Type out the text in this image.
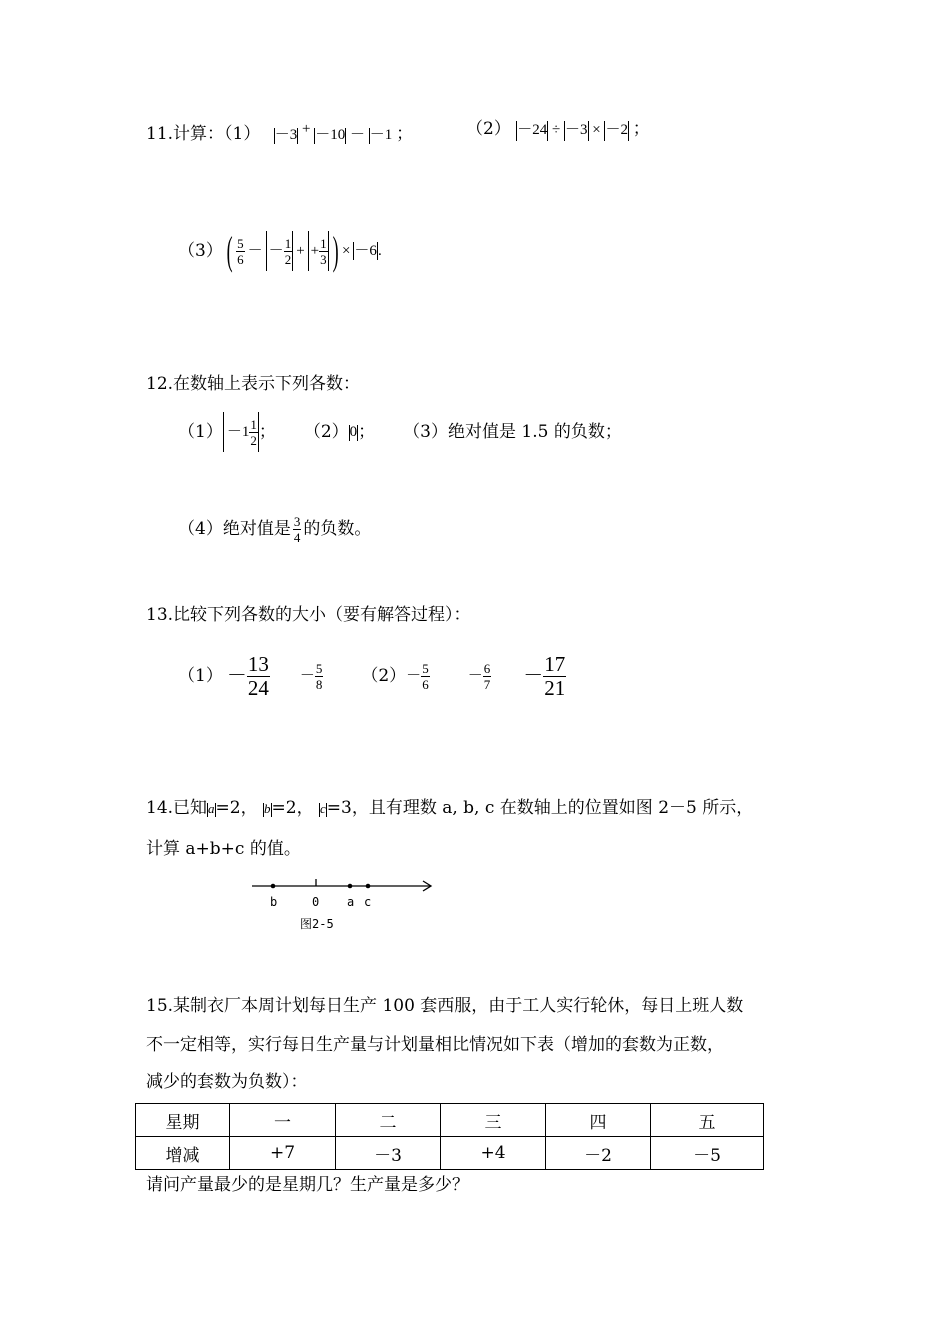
11.计算：（1） －3 + －10 － －1 ；	（2） －24 ÷ －3 × －2 ；
（3） ( $\frac{5}{6}$ － － $\frac{1}{2}$ + + $\frac{1}{3}$ ) × －6 .
12.在数轴上表示下列各数：
$(1) -1 \frac{1}{2}$ ； （2） 0 ； （3）绝对值是 1.5 的负数；
（4）绝对值是 $\frac{3}{4}$ 的负数。
13.比较下列各数的大小（要有解答过程）：
$(1) - \frac{13}{24} - \frac{5}{8} (2) - \frac{5}{6}$	－ $\frac{6}{7} - \frac{17}{21}$
14.已知a=2， b=2， c=3，且有理数 a, b, c 在数轴上的位置如图 2－5 所示，
计算 a+b+c 的值。
b	0 a c
图2-5
15.某制衣厂本周计划每日生产 100 套西服，由于工人实行轮休，每日上班人数
不一定相等，实行每日生产量与计划量相比情况如下表（增加的套数为正数，
减少的套数为负数）：
星期	一	二	三	四	五
增减	+7	－3	+4	－2	－5
请问产量最少的是星期几？生产量是多少？
